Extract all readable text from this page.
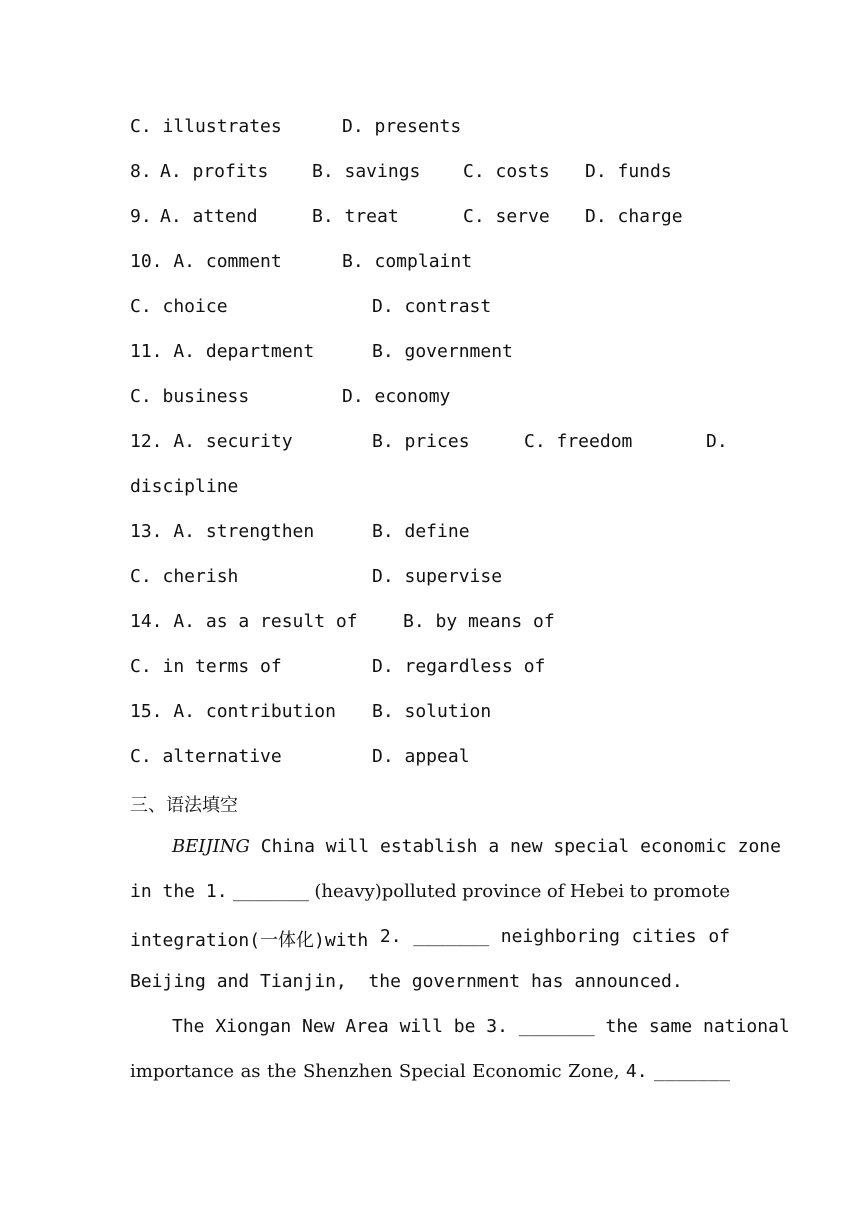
C. illustrates	D. presents
8. A. profits B. savings C. costs D. funds
9. A. attend	B. treat	C. serve D. charge
10. A. comment	B. complaint
C. choice	D. contrast
11. A. department	B. government
C. business	D. economy
12. A. security	B. prices	C. freedom	D.
discipline
13. A. strengthen	B. define
C. cherish	D. supervise
14. A. as a result of	B. by means of
C. in terms of	D. regardless of
15. A. contribution B. solution
C. alternative	D. appeal
三、语法填空
BEIJING China will establish a new special economic zone
in the 1. _______ (heavy)polluted province of Hebei to promote
integration(一体化)with 2. _______ neighboring cities of
Beijing and Tianjin,  the government has announced.
The Xiongan New Area will be 3. _______ the same national
importance as the Shenzhen Special Economic Zone, 4. _______
